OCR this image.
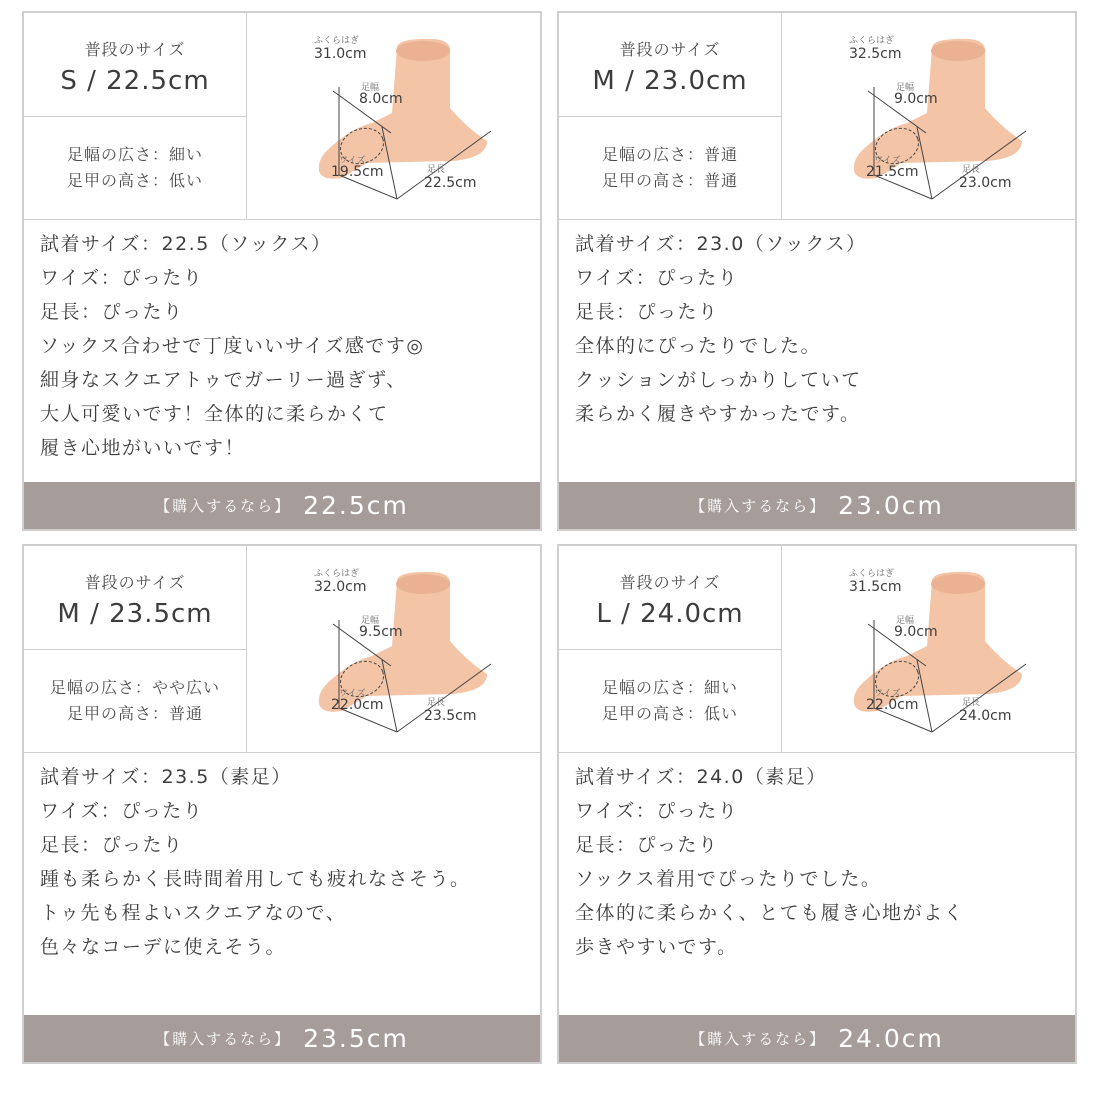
普段のサイズ
S / 22.5cm
足幅の広さ：細い
足甲の高さ：低い
ふくらはぎ
31.0cm
足幅
8.0cm
ワイズ
19.5cm	足長
22.5cm
試着サイズ：22.5（ソックス）
ワイズ：ぴったり
足長：ぴったり
ソックス合わせで丁度いいサイズ感です◎
細身なスクエアトゥでガーリー過ぎず、
大人可愛いです！全体的に柔らかくて
履き心地がいいです！
【購入するなら】 22.5cm
普段のサイズ
M / 23.0cm
足幅の広さ：普通
足甲の高さ：普通
ふくらはぎ
32.5cm
足幅
9.0cm
ワイズ
21.5cm	足長
23.0cm
試着サイズ：23.0（ソックス）
ワイズ：ぴったり
足長：ぴったり
全体的にぴったりでした。
クッションがしっかりしていて
柔らかく履きやすかったです。
【購入するなら】 23.0cm
普段のサイズ
M / 23.5cm
足幅の広さ：やや広い
足甲の高さ：普通
ふくらはぎ
32.0cm
足幅
9.5cm
ワイズ
22.0cm	足長
23.5cm
試着サイズ：23.5（素足）
ワイズ：ぴったり
足長：ぴったり
踵も柔らかく長時間着用しても疲れなさそう。
トゥ先も程よいスクエアなので、
色々なコーデに使えそう。
【購入するなら】 23.5cm
普段のサイズ
L / 24.0cm
足幅の広さ：細い
足甲の高さ：低い
ふくらはぎ
31.5cm
足幅
9.0cm
ワイズ
22.0cm	足長
24.0cm
試着サイズ：24.0（素足）
ワイズ：ぴったり
足長：ぴったり
ソックス着用でぴったりでした。
全体的に柔らかく、とても履き心地がよく
歩きやすいです。
【購入するなら】 24.0cm
